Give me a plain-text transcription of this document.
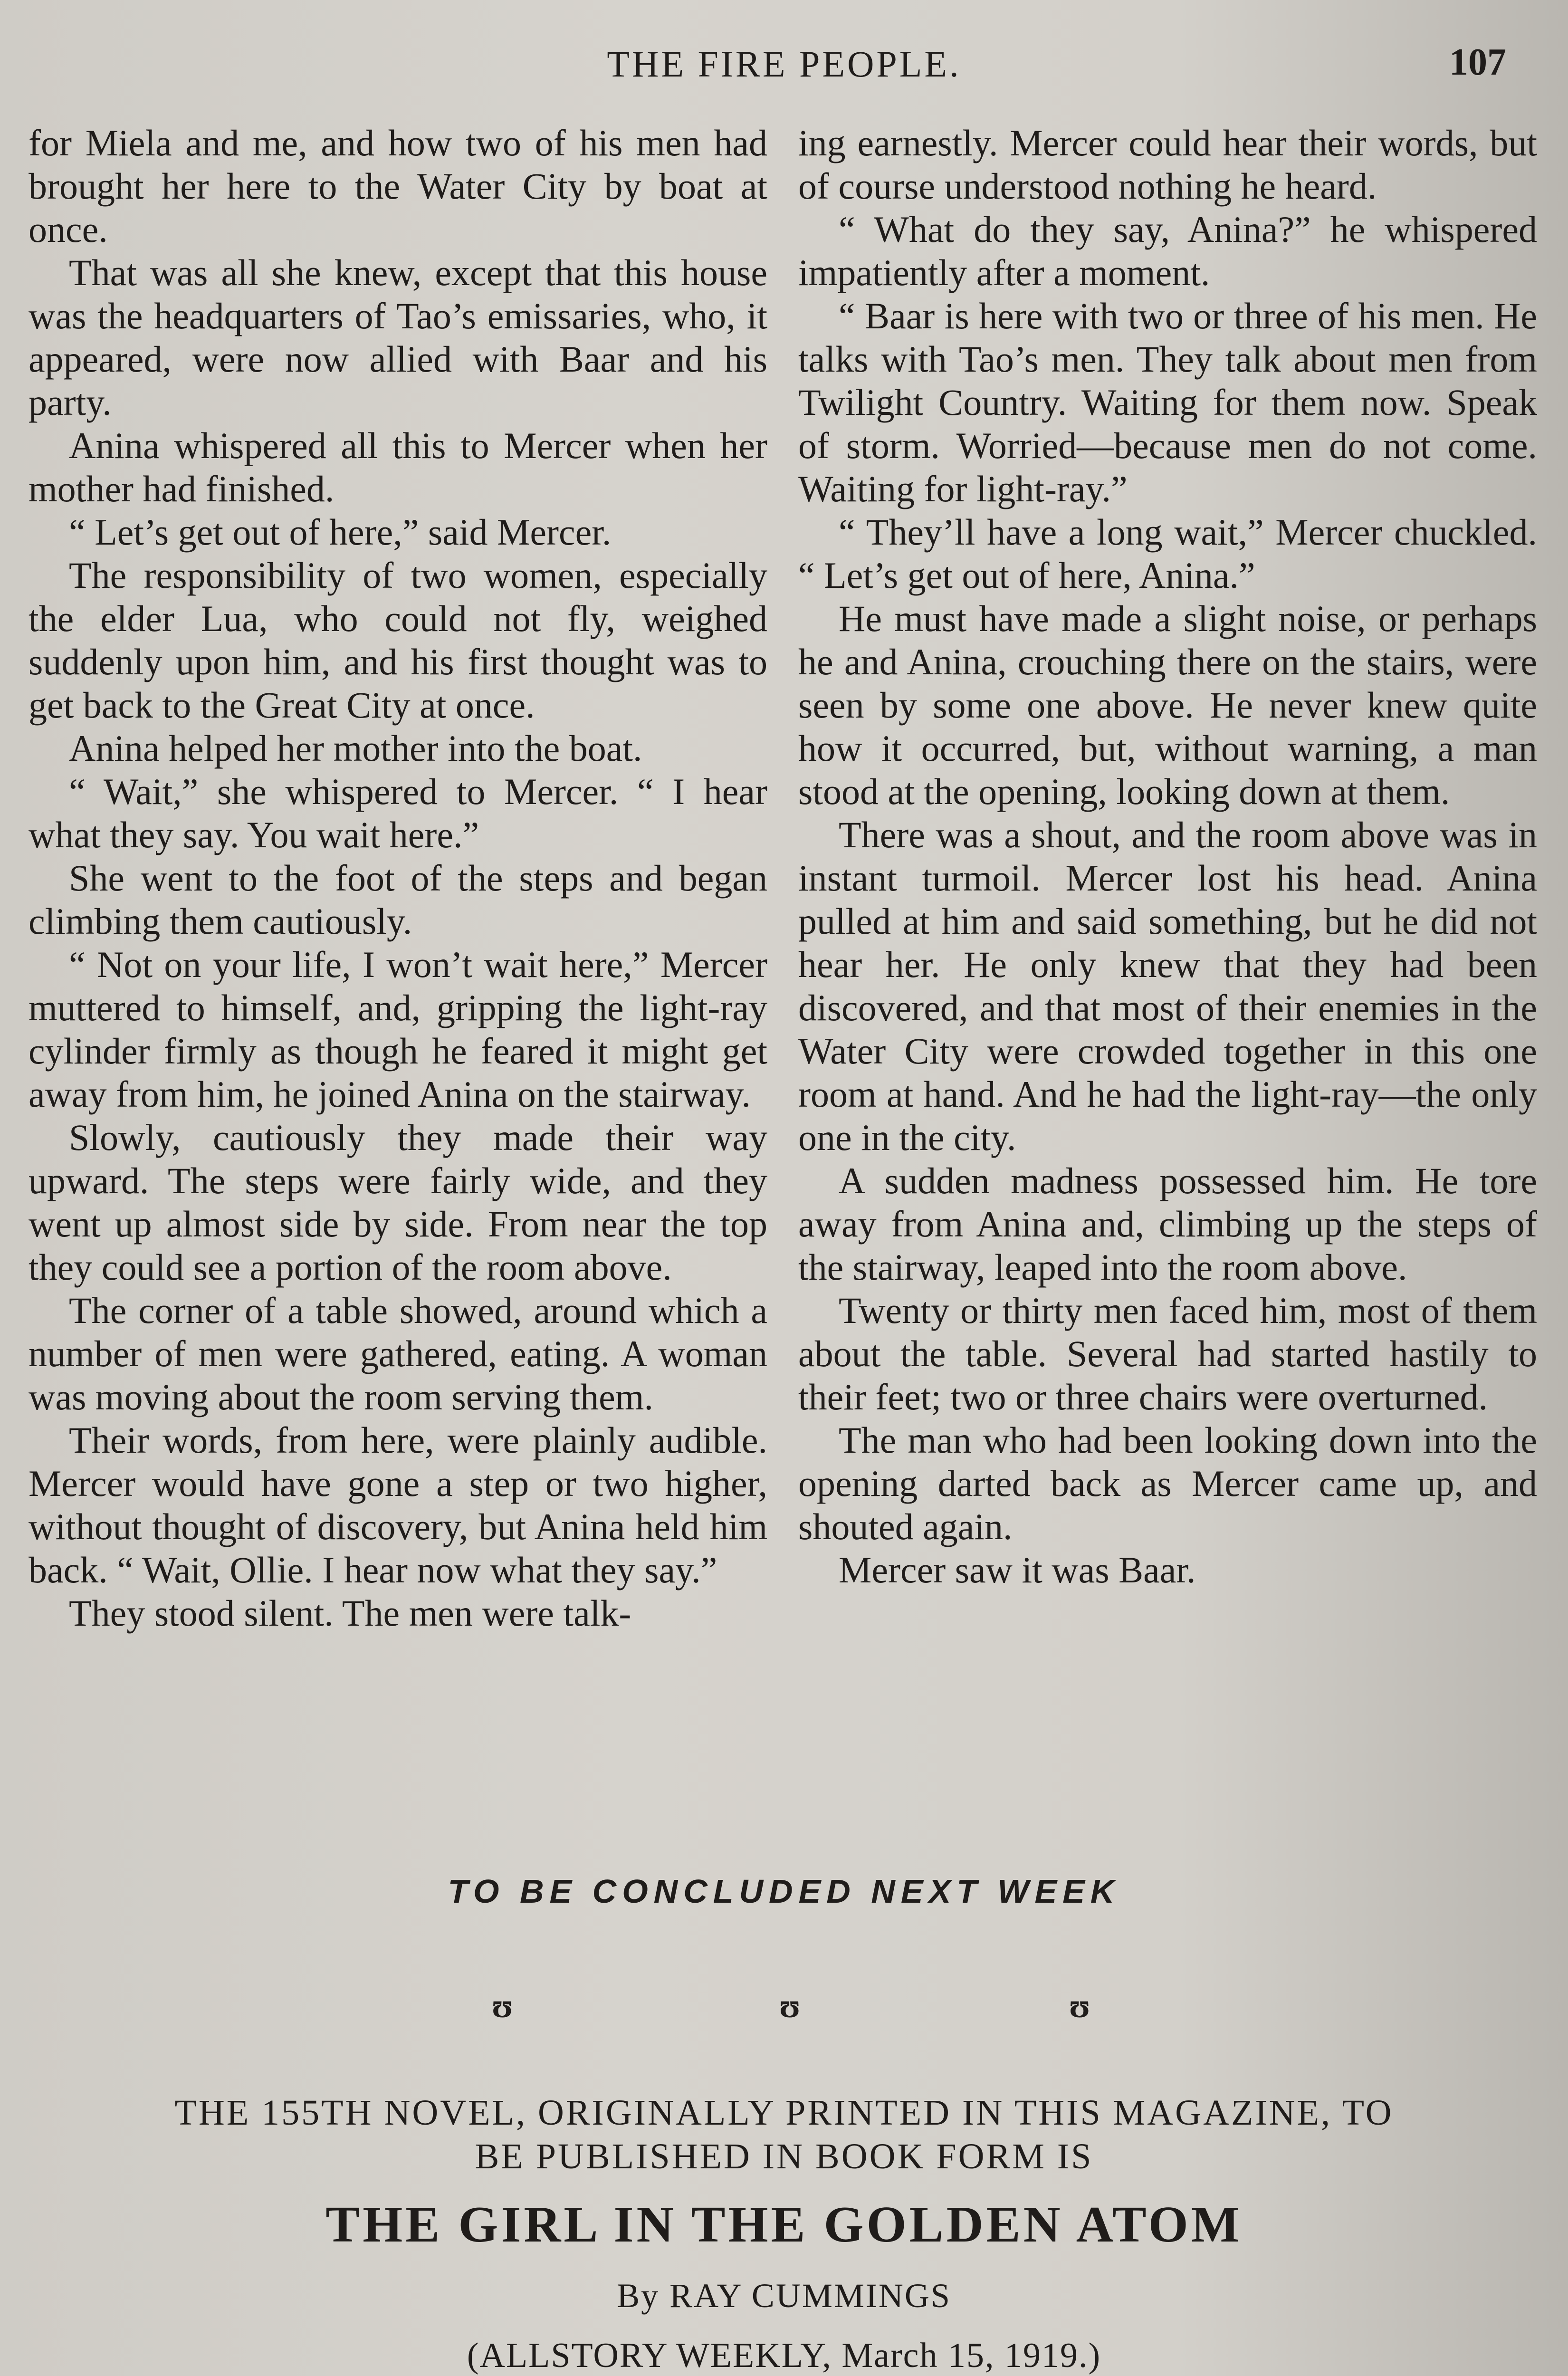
THE FIRE PEOPLE.	107

for Miela and me, and how two of his men had brought her here to the Water City by boat at once.

That was all she knew, except that this house was the headquarters of Tao’s emissaries, who, it appeared, were now allied with Baar and his party.

Anina whispered all this to Mercer when her mother had finished.

“ Let’s get out of here,” said Mercer.

The responsibility of two women, especially the elder Lua, who could not fly, weighed suddenly upon him, and his first thought was to get back to the Great City at once.

Anina helped her mother into the boat.

“ Wait,” she whispered to Mercer. “ I hear what they say. You wait here.”

She went to the foot of the steps and began climbing them cautiously.

“ Not on your life, I won’t wait here,” Mercer muttered to himself, and, gripping the light-ray cylinder firmly as though he feared it might get away from him, he joined Anina on the stairway.

Slowly, cautiously they made their way upward. The steps were fairly wide, and they went up almost side by side. From near the top they could see a portion of the room above.

The corner of a table showed, around which a number of men were gathered, eating. A woman was moving about the room serving them.

Their words, from here, were plainly audible. Mercer would have gone a step or two higher, without thought of discovery, but Anina held him back. “ Wait, Ollie. I hear now what they say.”

They stood silent. The men were talk-

ing earnestly. Mercer could hear their words, but of course understood nothing he heard.

“ What do they say, Anina?” he whispered impatiently after a moment.

“ Baar is here with two or three of his men. He talks with Tao’s men. They talk about men from Twilight Country. Waiting for them now. Speak of storm. Worried—because men do not come. Waiting for light-ray.”

“ They’ll have a long wait,” Mercer chuckled. “ Let’s get out of here, Anina.”

He must have made a slight noise, or perhaps he and Anina, crouching there on the stairs, were seen by some one above. He never knew quite how it occurred, but, without warning, a man stood at the opening, looking down at them.

There was a shout, and the room above was in instant turmoil. Mercer lost his head. Anina pulled at him and said something, but he did not hear her. He only knew that they had been discovered, and that most of their enemies in the Water City were crowded together in this one room at hand. And he had the light-ray—the only one in the city.

A sudden madness possessed him. He tore away from Anina and, climbing up the steps of the stairway, leaped into the room above.

Twenty or thirty men faced him, most of them about the table. Several had started hastily to their feet; two or three chairs were overturned.

The man who had been looking down into the opening darted back as Mercer came up, and shouted again.

Mercer saw it was Baar.

TO BE CONCLUDED NEXT WEEK
ʊ	ʊ	ʊ
THE 155TH NOVEL, ORIGINALLY PRINTED IN THIS MAGAZINE, TO
BE PUBLISHED IN BOOK FORM IS
THE GIRL IN THE GOLDEN ATOM
By RAY CUMMINGS
(ALLSTORY WEEKLY, March 15, 1919.)
